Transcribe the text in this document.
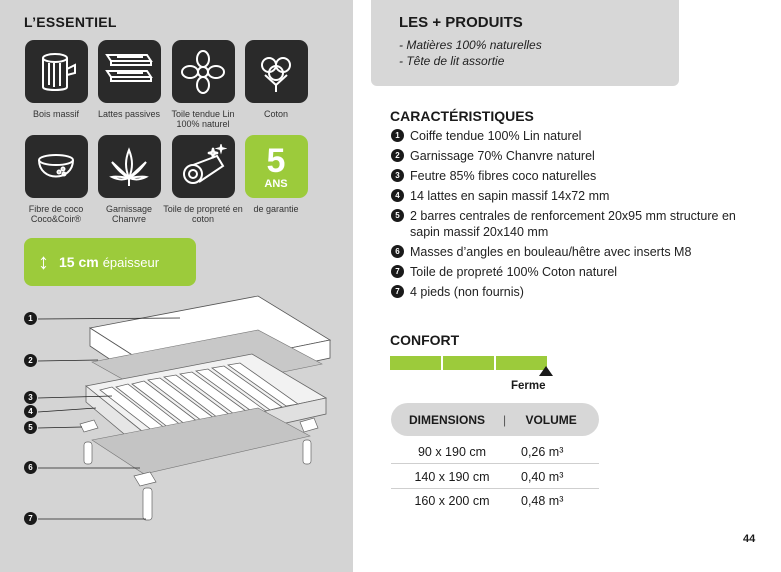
L’ESSENTIEL
Bois massif	Lattes passives	Toile tendue Lin 100% naturel
Coton
Fibre de coco Coco&Coir®
Garnissage Chanvre
Toile de propreté en coton
5
ANS
de garantie
↕ 15 cm épaisseur
1
2
3
4
5
6
7
LES + PRODUITS
- Matières 100% naturelles
- Tête de lit assortie
CARACTÉRISTIQUES
1 Coiffe tendue 100% Lin naturel
2 Garnissage 70% Chanvre naturel
3 Feutre 85% fibres coco naturelles
4 14 lattes en sapin massif 14x72 mm
5 2 barres centrales de renforcement 20x95 mm structure en sapin massif 20x140 mm
6 Masses d’angles en bouleau/hêtre avec inserts M8
7 Toile de propreté 100% Coton naturel
7 4 pieds (non fournis)
CONFORT
Ferme
DIMENSIONS	|	VOLUME
90 x 190 cm	0,26 m³
140 x 190 cm	0,40 m³
160 x 200 cm	0,48 m³
44
